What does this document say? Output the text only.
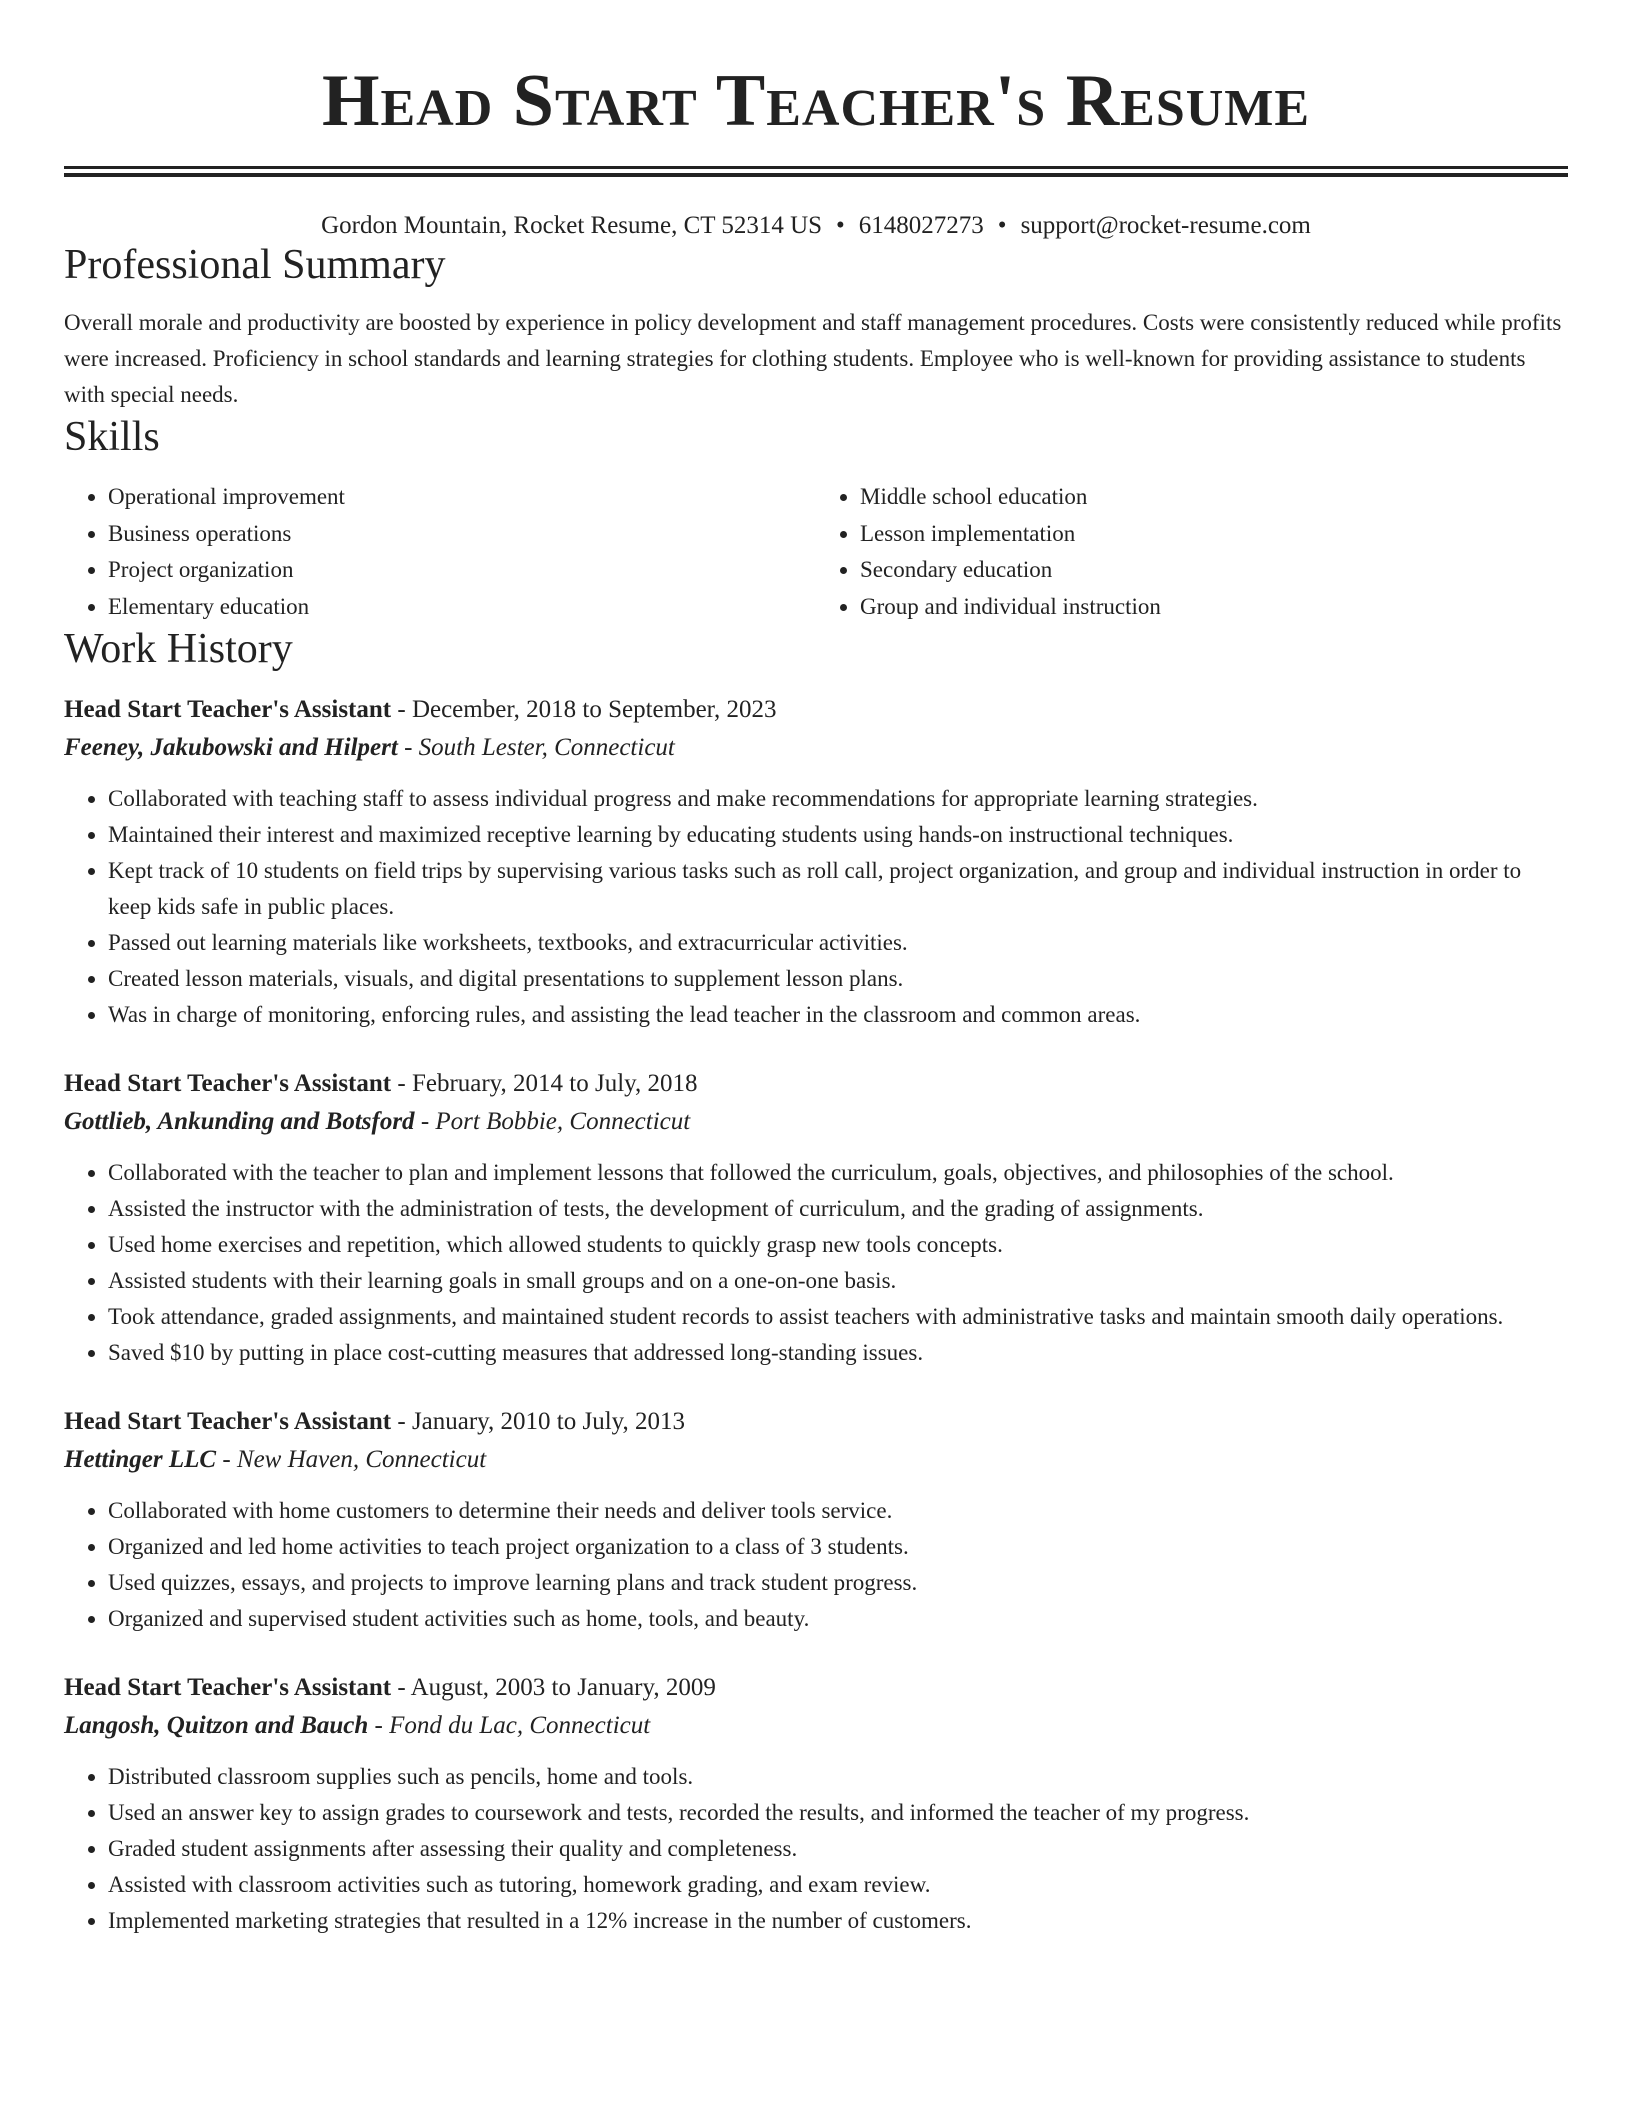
Head Start Teacher's Resume
Gordon Mountain, Rocket Resume, CT 52314 US • 6148027273 • support@rocket-resume.com
Professional Summary

Overall morale and productivity are boosted by experience in policy development and staff management procedures. Costs were consistently reduced while profits were increased. Proficiency in school standards and learning strategies for clothing students. Employee who is well-known for providing assistance to students with special needs.

Skills
• Operational improvement
• Business operations
• Project organization
• Elementary education
• Middle school education
• Lesson implementation
• Secondary education
• Group and individual instruction
Work History
Head Start Teacher's Assistant - December, 2018 to September, 2023
Feeney, Jakubowski and Hilpert - South Lester, Connecticut
• Collaborated with teaching staff to assess individual progress and make recommendations for appropriate learning strategies.
• Maintained their interest and maximized receptive learning by educating students using hands-on instructional techniques.
• Kept track of 10 students on field trips by supervising various tasks such as roll call, project organization, and group and individual instruction in order to keep kids safe in public places.
• Passed out learning materials like worksheets, textbooks, and extracurricular activities.
• Created lesson materials, visuals, and digital presentations to supplement lesson plans.
• Was in charge of monitoring, enforcing rules, and assisting the lead teacher in the classroom and common areas.
Head Start Teacher's Assistant - February, 2014 to July, 2018
Gottlieb, Ankunding and Botsford - Port Bobbie, Connecticut
• Collaborated with the teacher to plan and implement lessons that followed the curriculum, goals, objectives, and philosophies of the school.
• Assisted the instructor with the administration of tests, the development of curriculum, and the grading of assignments.
• Used home exercises and repetition, which allowed students to quickly grasp new tools concepts.
• Assisted students with their learning goals in small groups and on a one-on-one basis.
• Took attendance, graded assignments, and maintained student records to assist teachers with administrative tasks and maintain smooth daily operations.
• Saved $10 by putting in place cost-cutting measures that addressed long-standing issues.
Head Start Teacher's Assistant - January, 2010 to July, 2013
Hettinger LLC - New Haven, Connecticut
• Collaborated with home customers to determine their needs and deliver tools service.
• Organized and led home activities to teach project organization to a class of 3 students.
• Used quizzes, essays, and projects to improve learning plans and track student progress.
• Organized and supervised student activities such as home, tools, and beauty.
Head Start Teacher's Assistant - August, 2003 to January, 2009
Langosh, Quitzon and Bauch - Fond du Lac, Connecticut
• Distributed classroom supplies such as pencils, home and tools.
• Used an answer key to assign grades to coursework and tests, recorded the results, and informed the teacher of my progress.
• Graded student assignments after assessing their quality and completeness.
• Assisted with classroom activities such as tutoring, homework grading, and exam review.
• Implemented marketing strategies that resulted in a 12% increase in the number of customers.
